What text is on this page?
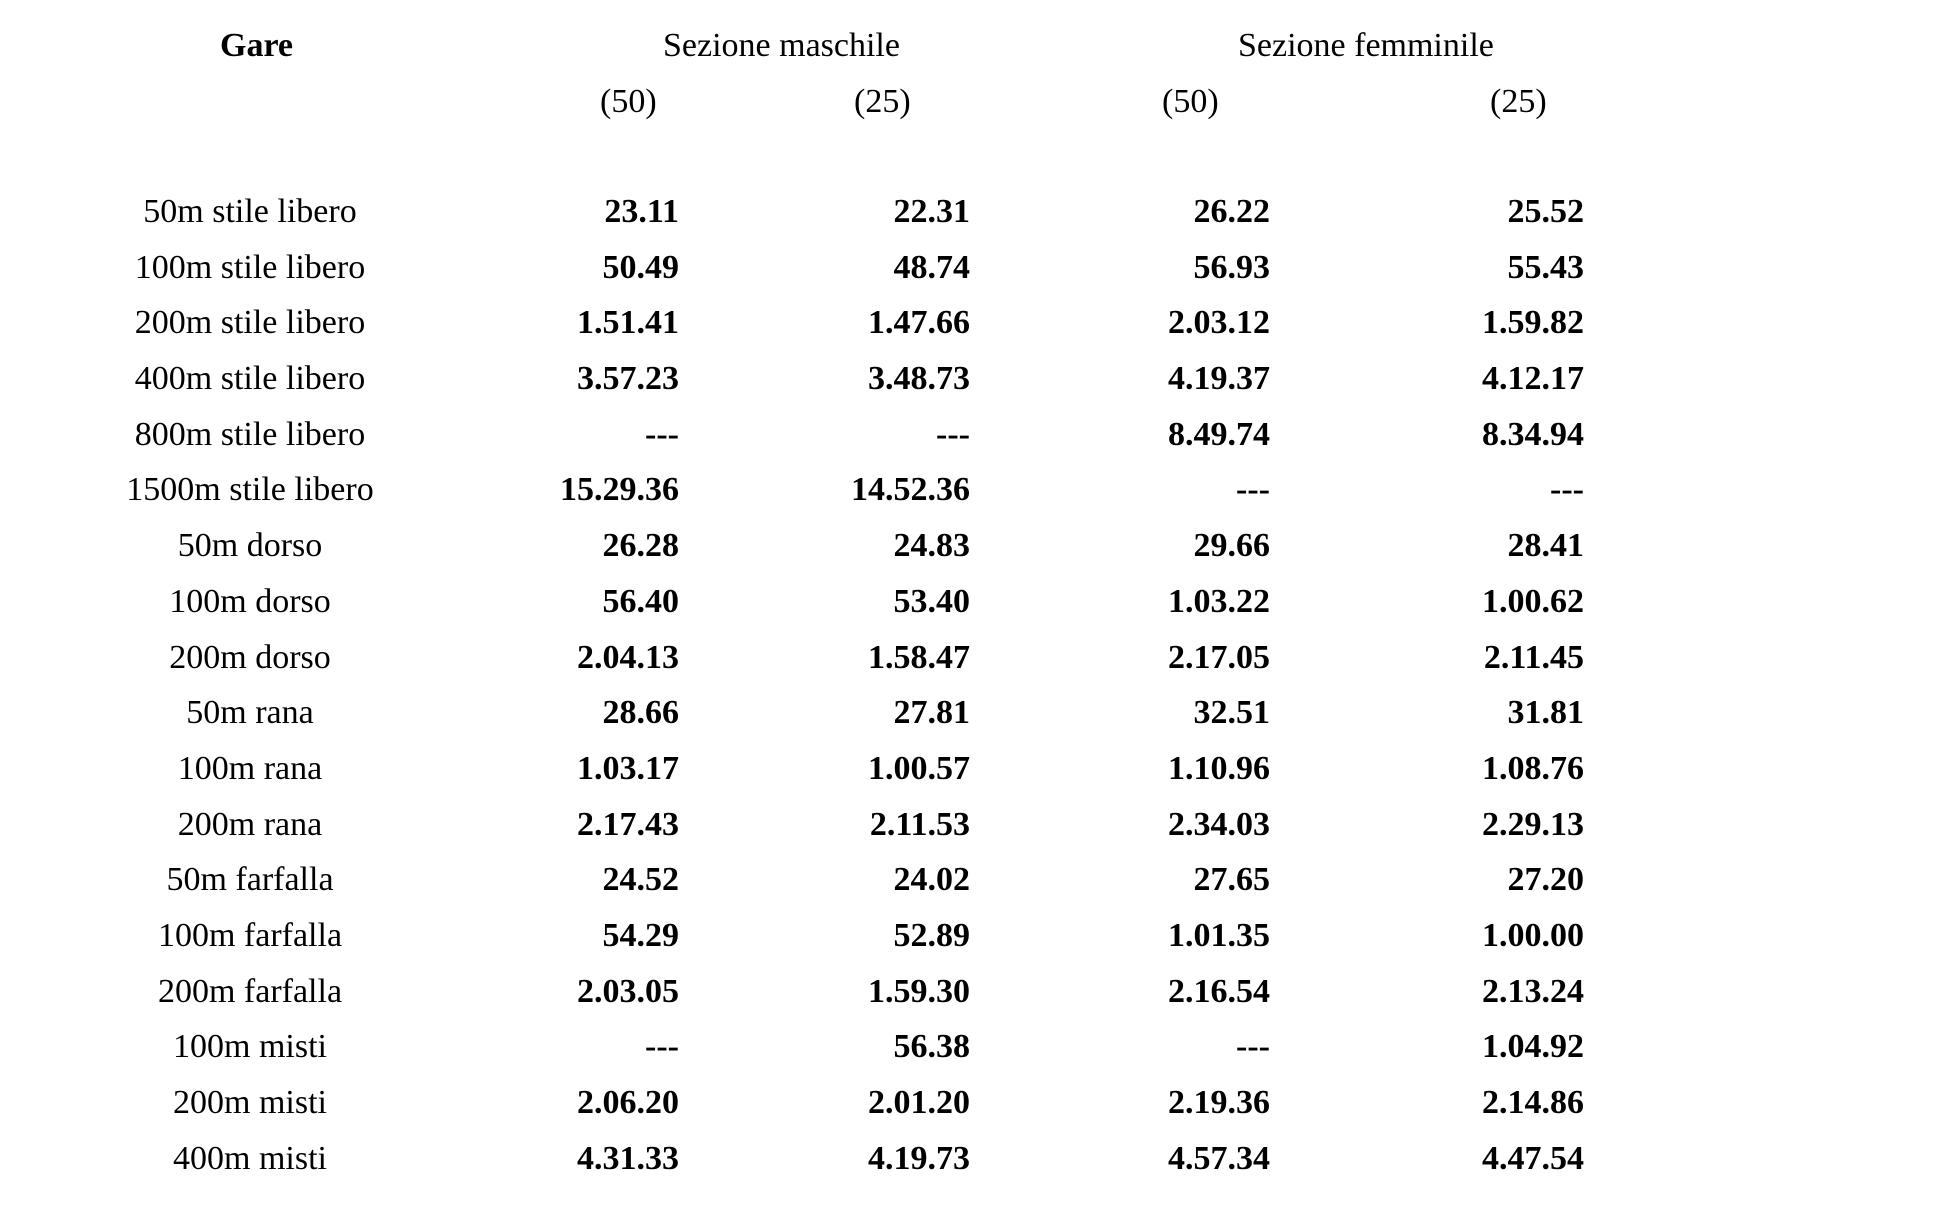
Gare	Sezione maschile	Sezione femminile
(50)	(25)	(50)	(25)
50m stile libero	23.11	22.31	26.22	25.52
100m stile libero	50.49	48.74	56.93	55.43
200m stile libero	1.51.41	1.47.66	2.03.12	1.59.82
400m stile libero	3.57.23	3.48.73	4.19.37	4.12.17
800m stile libero	---	---	8.49.74	8.34.94
1500m stile libero	15.29.36	14.52.36	---	---
50m dorso	26.28	24.83	29.66	28.41
100m dorso	56.40	53.40	1.03.22	1.00.62
200m dorso	2.04.13	1.58.47	2.17.05	2.11.45
50m rana	28.66	27.81	32.51	31.81
100m rana	1.03.17	1.00.57	1.10.96	1.08.76
200m rana	2.17.43	2.11.53	2.34.03	2.29.13
50m farfalla	24.52	24.02	27.65	27.20
100m farfalla	54.29	52.89	1.01.35	1.00.00
200m farfalla	2.03.05	1.59.30	2.16.54	2.13.24
100m misti	---	56.38	---	1.04.92
200m misti	2.06.20	2.01.20	2.19.36	2.14.86
400m misti	4.31.33	4.19.73	4.57.34	4.47.54
